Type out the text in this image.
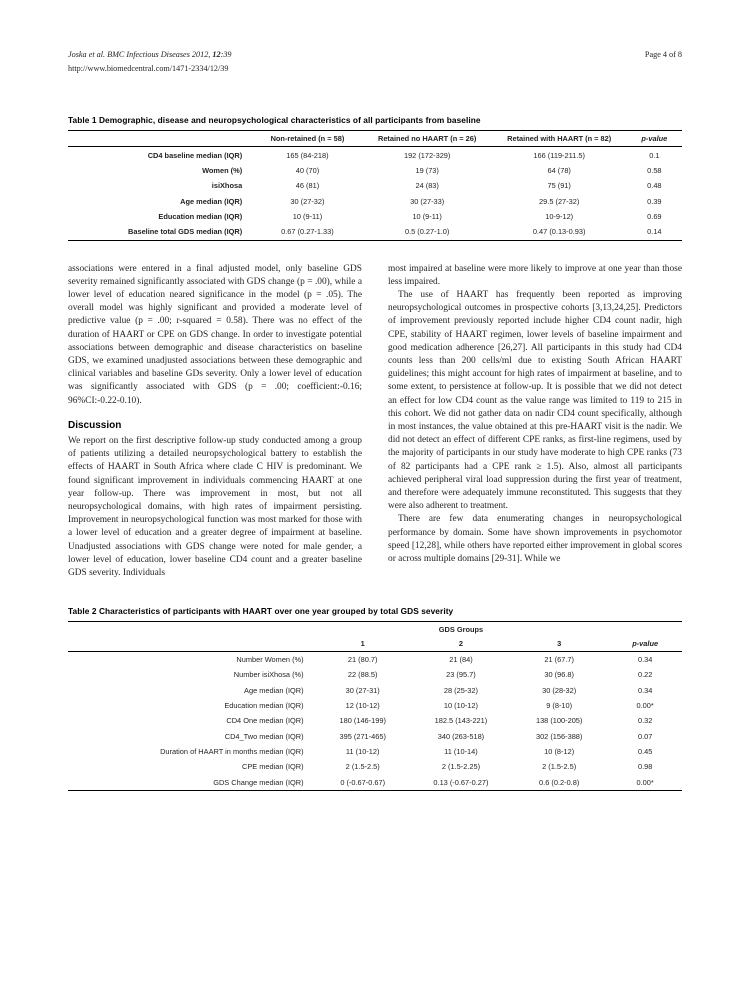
Joska et al. BMC Infectious Diseases 2012, 12:39
http://www.biomedcentral.com/1471-2334/12/39
Page 4 of 8
Table 1 Demographic, disease and neuropsychological characteristics of all participants from baseline
	Non-retained (n = 58)	Retained no HAART (n = 26)	Retained with HAART (n = 82)	p-value
CD4 baseline median (IQR)	165 (84-218)	192 (172-329)	166 (119-211.5)	0.1
Women (%)	40 (70)	19 (73)	64 (78)	0.58
isiXhosa	46 (81)	24 (83)	75 (91)	0.48
Age median (IQR)	30 (27-32)	30 (27-33)	29.5 (27-32)	0.39
Education median (IQR)	10 (9-11)	10 (9-11)	10-9-12)	0.69
Baseline total GDS median (IQR)	0.67 (0.27-1.33)	0.5 (0.27-1.0)	0.47 (0.13-0.93)	0.14

associations were entered in a final adjusted model, only baseline GDS severity remained significantly associated with GDS change (p = .00), while a lower level of education neared significance in the model (p = .05). The overall model was highly significant and provided a moderate level of predictive value (p = .00; r-squared = 0.58). There was no effect of the duration of HAART or CPE on GDS change. In order to investigate potential associations between demographic and disease characteristics on baseline GDS, we examined unadjusted associations between these demographic and clinical variables and baseline GDs severity. Only a lower level of education was significantly associated with GDS (p = .00; coefficient:-0.16; 96%CI:-0.22-0.10).

Discussion

We report on the first descriptive follow-up study conducted among a group of patients utilizing a detailed neuropsychological battery to establish the effects of HAART in South Africa where clade C HIV is predominant. We found significant improvement in individuals commencing HAART at one year follow-up. There was improvement in most, but not all neuropsychological domains, with high rates of impairment persisting. Improvement in neuropsychological function was most marked for those with a lower level of education and a greater degree of impairment at baseline. Unadjusted associations with GDS change were noted for male gender, a lower level of education, lower baseline CD4 count and a greater baseline GDS severity. Individuals

most impaired at baseline were more likely to improve at one year than those less impaired.

The use of HAART has frequently been reported as improving neuropsychological outcomes in prospective cohorts [3,13,24,25]. Predictors of improvement previously reported include higher CD4 count nadir, high CPE, stability of HAART regimen, lower levels of baseline impairment and good medication adherence [26,27]. All participants in this study had CD4 counts less than 200 cells/ml due to existing South African HAART guidelines; this might account for high rates of impairment at baseline, and to some extent, to persistence at follow-up. It is possible that we did not detect an effect for low CD4 count as the value range was limited to 119 to 215 in this cohort. We did not gather data on nadir CD4 count specifically, although in most instances, the value obtained at this pre-HAART visit is the nadir. We did not detect an effect of different CPE ranks, as first-line regimens, used by the majority of participants in our study have moderate to high CPE ranks (73 of 82 participants had a CPE rank ≥ 1.5). Also, almost all participants achieved peripheral viral load suppression during the first year of treatment, and therefore were adequately immune reconstituted. This suggests that they were also adherent to treatment.

There are few data enumerating changes in neuropsychological performance by domain. Some have shown improvements in psychomotor speed [12,28], while others have reported either improvement in global scores or across multiple domains [29-31]. While we

Table 2 Characteristics of participants with HAART over one year grouped by total GDS severity
	GDS Groups			
	1	2	3	p-value
Number Women (%)	21 (80.7)	21 (84)	21 (67.7)	0.34
Number isiXhosa (%)	22 (88.5)	23 (95.7)	30 (96.8)	0.22
Age median (IQR)	30 (27-31)	28 (25-32)	30 (28-32)	0.34
Education median (IQR)	12 (10-12)	10 (10-12)	9 (8-10)	0.00*
CD4 One median (IQR)	180 (146-199)	182.5 (143-221)	138 (100-205)	0.32
CD4_Two median (IQR)	395 (271-465)	340 (263-518)	302 (156-388)	0.07
Duration of HAART in months median (IQR)	11 (10-12)	11 (10-14)	10 (8-12)	0.45
CPE median (IQR)	2 (1.5-2.5)	2 (1.5-2.25)	2 (1.5-2.5)	0.98
GDS Change median (IQR)	0 (-0.67-0.67)	0.13 (-0.67-0.27)	0.6 (0.2-0.8)	0.00*
